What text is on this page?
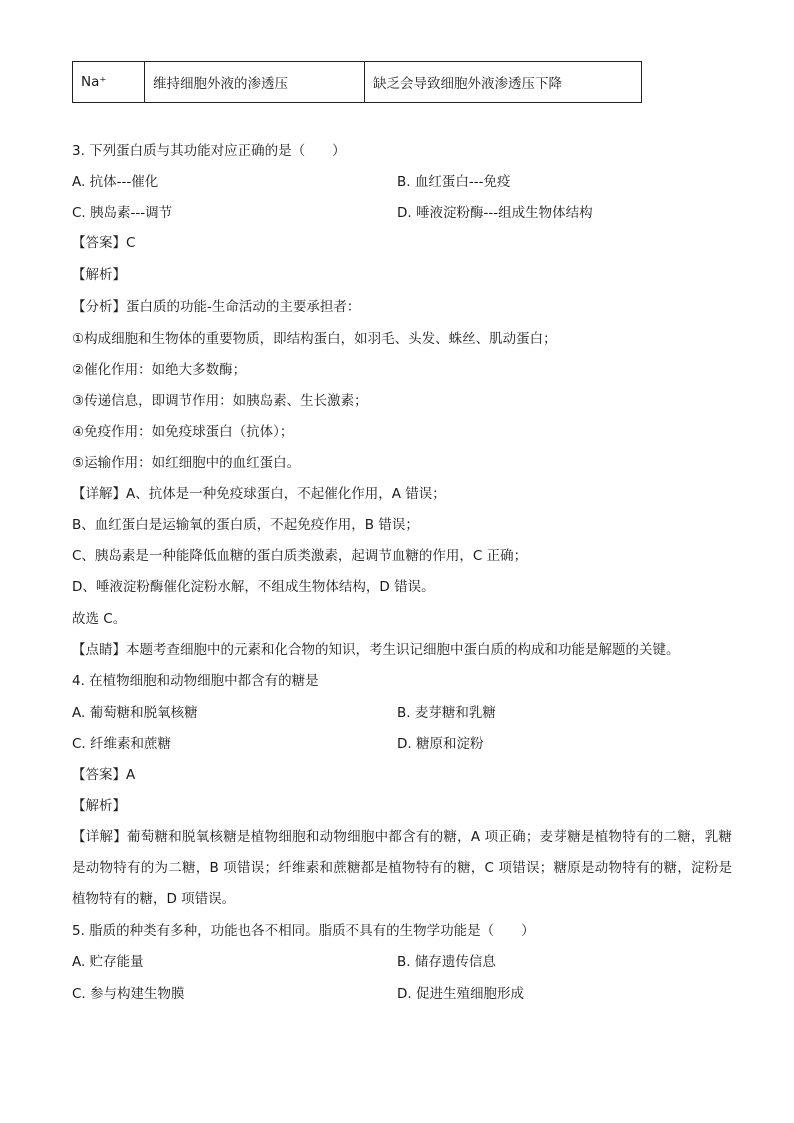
Na⁺	维持细胞外液的渗透压	缺乏会导致细胞外液渗透压下降
3. 下列蛋白质与其功能对应正确的是（　　）
A. 抗体---催化	B. 血红蛋白---免疫
C. 胰岛素---调节	D. 唾液淀粉酶---组成生物体结构
【答案】C
【解析】
【分析】蛋白质的功能-生命活动的主要承担者：
①构成细胞和生物体的重要物质，即结构蛋白，如羽毛、头发、蛛丝、肌动蛋白；
②催化作用：如绝大多数酶；
③传递信息，即调节作用：如胰岛素、生长激素；
④免疫作用：如免疫球蛋白（抗体）；
⑤运输作用：如红细胞中的血红蛋白。
【详解】A、抗体是一种免疫球蛋白，不起催化作用，A 错误；
B、血红蛋白是运输氧的蛋白质，不起免疫作用，B 错误；
C、胰岛素是一种能降低血糖的蛋白质类激素，起调节血糖的作用，C 正确；
D、唾液淀粉酶催化淀粉水解，不组成生物体结构，D 错误。
故选 C。
【点睛】本题考查细胞中的元素和化合物的知识，考生识记细胞中蛋白质的构成和功能是解题的关键。
4. 在植物细胞和动物细胞中都含有的糖是
A. 葡萄糖和脱氧核糖	B. 麦芽糖和乳糖
C. 纤维素和蔗糖	D. 糖原和淀粉
【答案】A
【解析】
【详解】葡萄糖和脱氧核糖是植物细胞和动物细胞中都含有的糖，A 项正确；麦芽糖是植物特有的二糖，乳糖是动物特有的为二糖，B 项错误；纤维素和蔗糖都是植物特有的糖，C 项错误；糖原是动物特有的糖，淀粉是植物特有的糖，D 项错误。
5. 脂质的种类有多种，功能也各不相同。脂质不具有的生物学功能是（　　）
A. 贮存能量	B. 储存遗传信息
C. 参与构建生物膜	D. 促进生殖细胞形成
